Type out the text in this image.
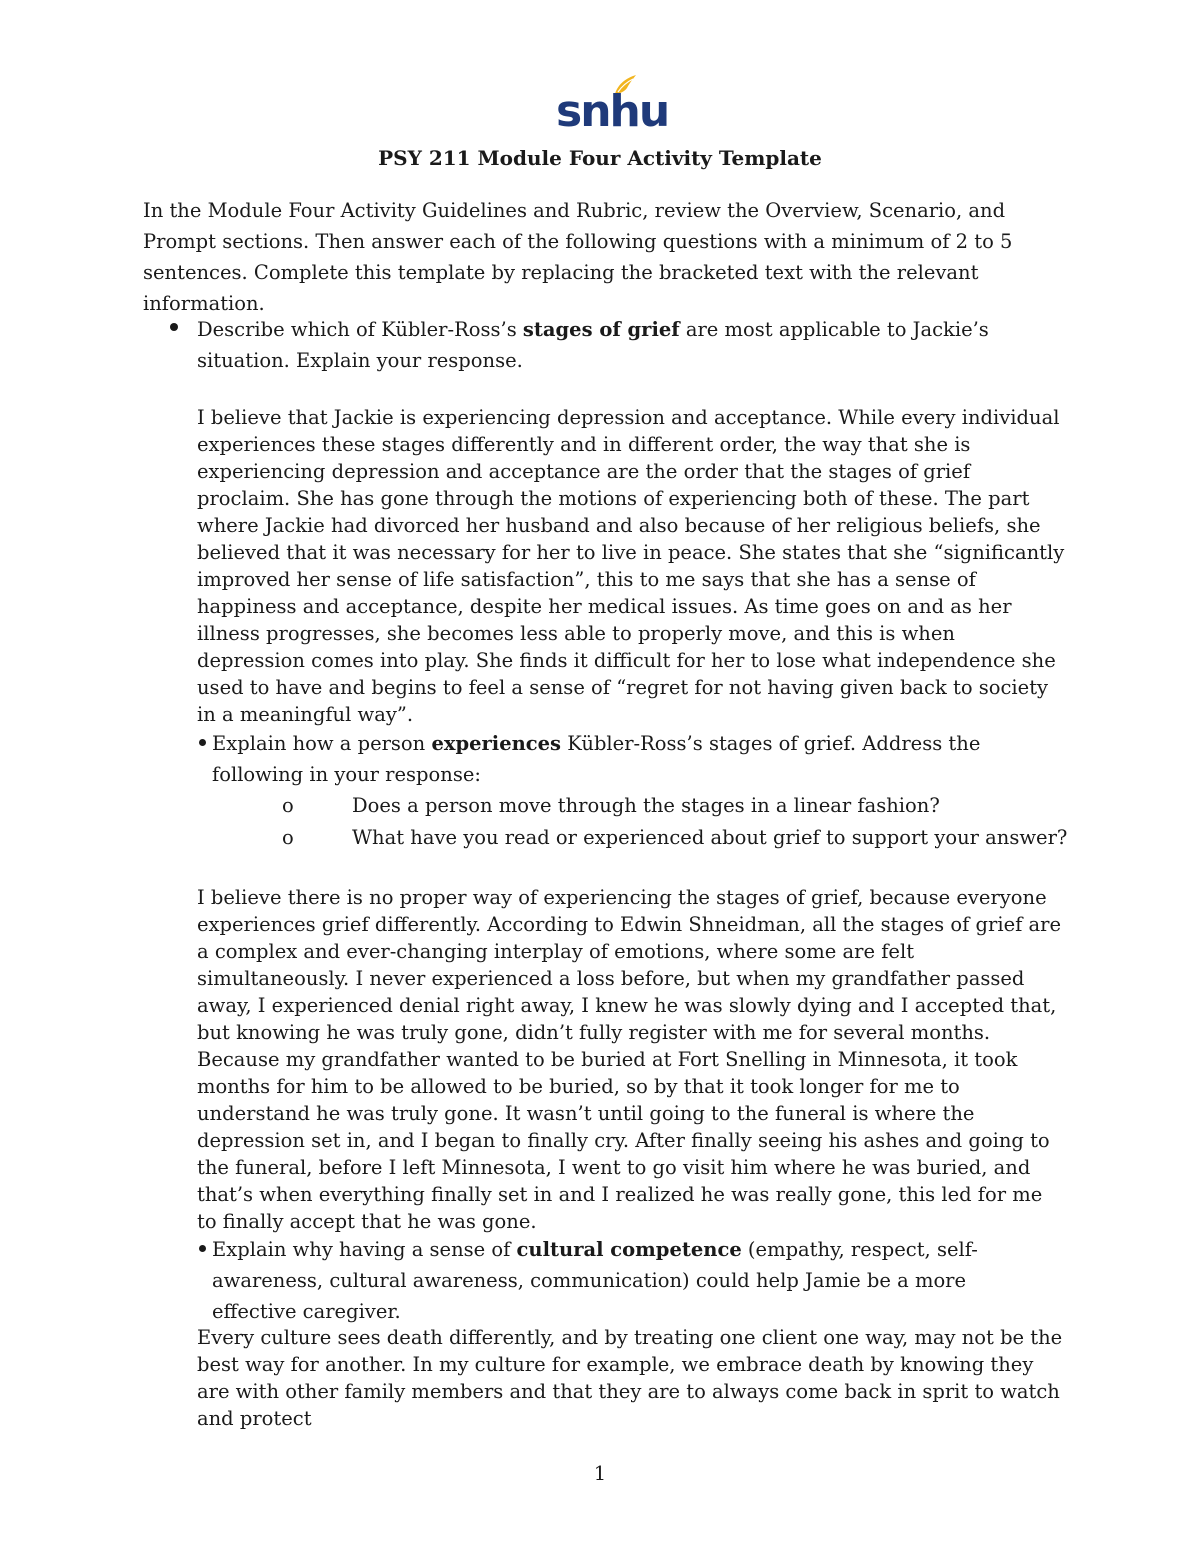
snhu
PSY 211 Module Four Activity Template

In the Module Four Activity Guidelines and Rubric, review the Overview, Scenario, and Prompt sections. Then answer each of the following questions with a minimum of 2 to 5 sentences. Complete this template by replacing the bracketed text with the relevant information.

Describe which of Kübler-Ross’s stages of grief are most applicable to Jackie’s situation. Explain your response.

I believe that Jackie is experiencing depression and acceptance. While every individual experiences these stages differently and in different order, the way that she is experiencing depression and acceptance are the order that the stages of grief proclaim. She has gone through the motions of experiencing both of these. The part where Jackie had divorced her husband and also because of her religious beliefs, she believed that it was necessary for her to live in peace. She states that she “significantly improved her sense of life satisfaction”, this to me says that she has a sense of happiness and acceptance, despite her medical issues. As time goes on and as her illness progresses, she becomes less able to properly move, and this is when depression comes into play. She finds it difficult for her to lose what independence she used to have and begins to feel a sense of “regret for not having given back to society in a meaningful way”.

Explain how a person experiences Kübler-Ross’s stages of grief. Address the following in your response:

o	Does a person move through the stages in a linear fashion?
o	What have you read or experienced about grief to support your answer?

I believe there is no proper way of experiencing the stages of grief, because everyone experiences grief differently. According to Edwin Shneidman, all the stages of grief are a complex and ever-changing interplay of emotions, where some are felt simultaneously. I never experienced a loss before, but when my grandfather passed away, I experienced denial right away, I knew he was slowly dying and I accepted that, but knowing he was truly gone, didn’t fully register with me for several months. Because my grandfather wanted to be buried at Fort Snelling in Minnesota, it took months for him to be allowed to be buried, so by that it took longer for me to understand he was truly gone. It wasn’t until going to the funeral is where the depression set in, and I began to finally cry. After finally seeing his ashes and going to the funeral, before I left Minnesota, I went to go visit him where he was buried, and that’s when everything finally set in and I realized he was really gone, this led for me to finally accept that he was gone.

Explain why having a sense of cultural competence (empathy, respect, self-awareness, cultural awareness, communication) could help Jamie be a more effective caregiver.

Every culture sees death differently, and by treating one client one way, may not be the best way for another. In my culture for example, we embrace death by knowing they are with other family members and that they are to always come back in sprit to watch and protect

1
